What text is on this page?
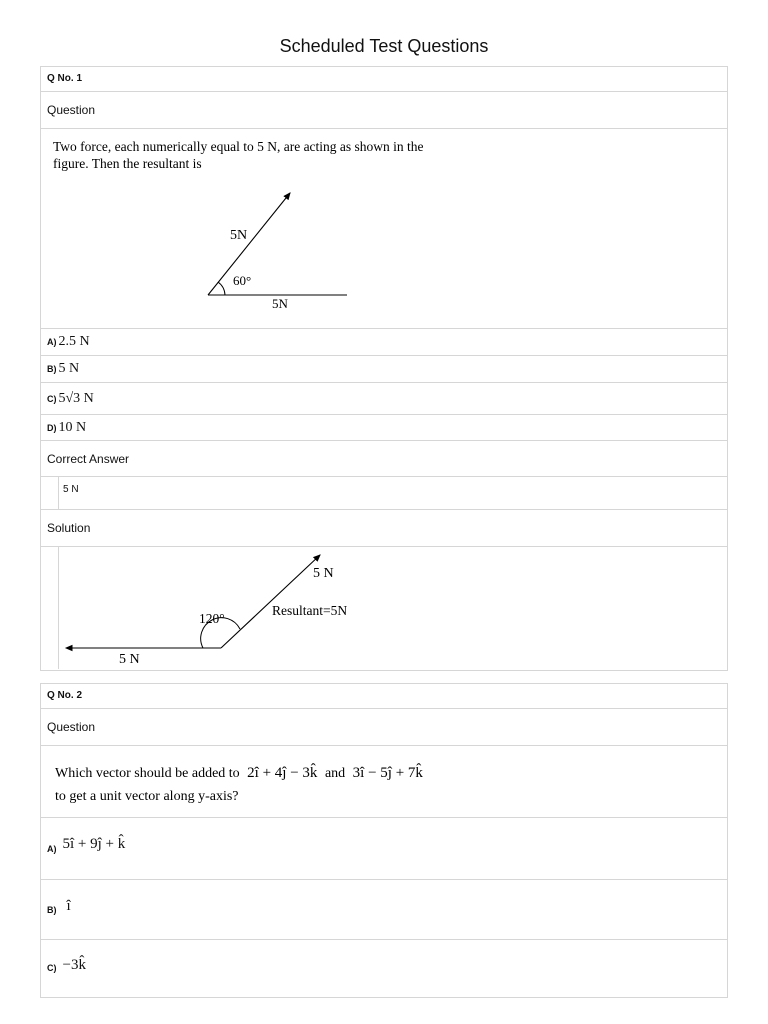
Scheduled Test Questions
Q No. 1
Question
Two force, each numerically equal to 5 N, are acting as shown in the
figure. Then the resultant is
5N
60°
5N
A) 2.5 N
B) 5 N
C) 5√3 N
D) 10 N
Correct Answer
5 N
Solution
5 N
Resultant=5N
120°
5 N
Q No. 2
Question
Which vector should be added to 2î + 4ĵ − 3k̂ and 3î − 5ĵ + 7k̂
to get a unit vector along y-axis?
A) 5î + 9ĵ + k̂
B) î
C) −3k̂
